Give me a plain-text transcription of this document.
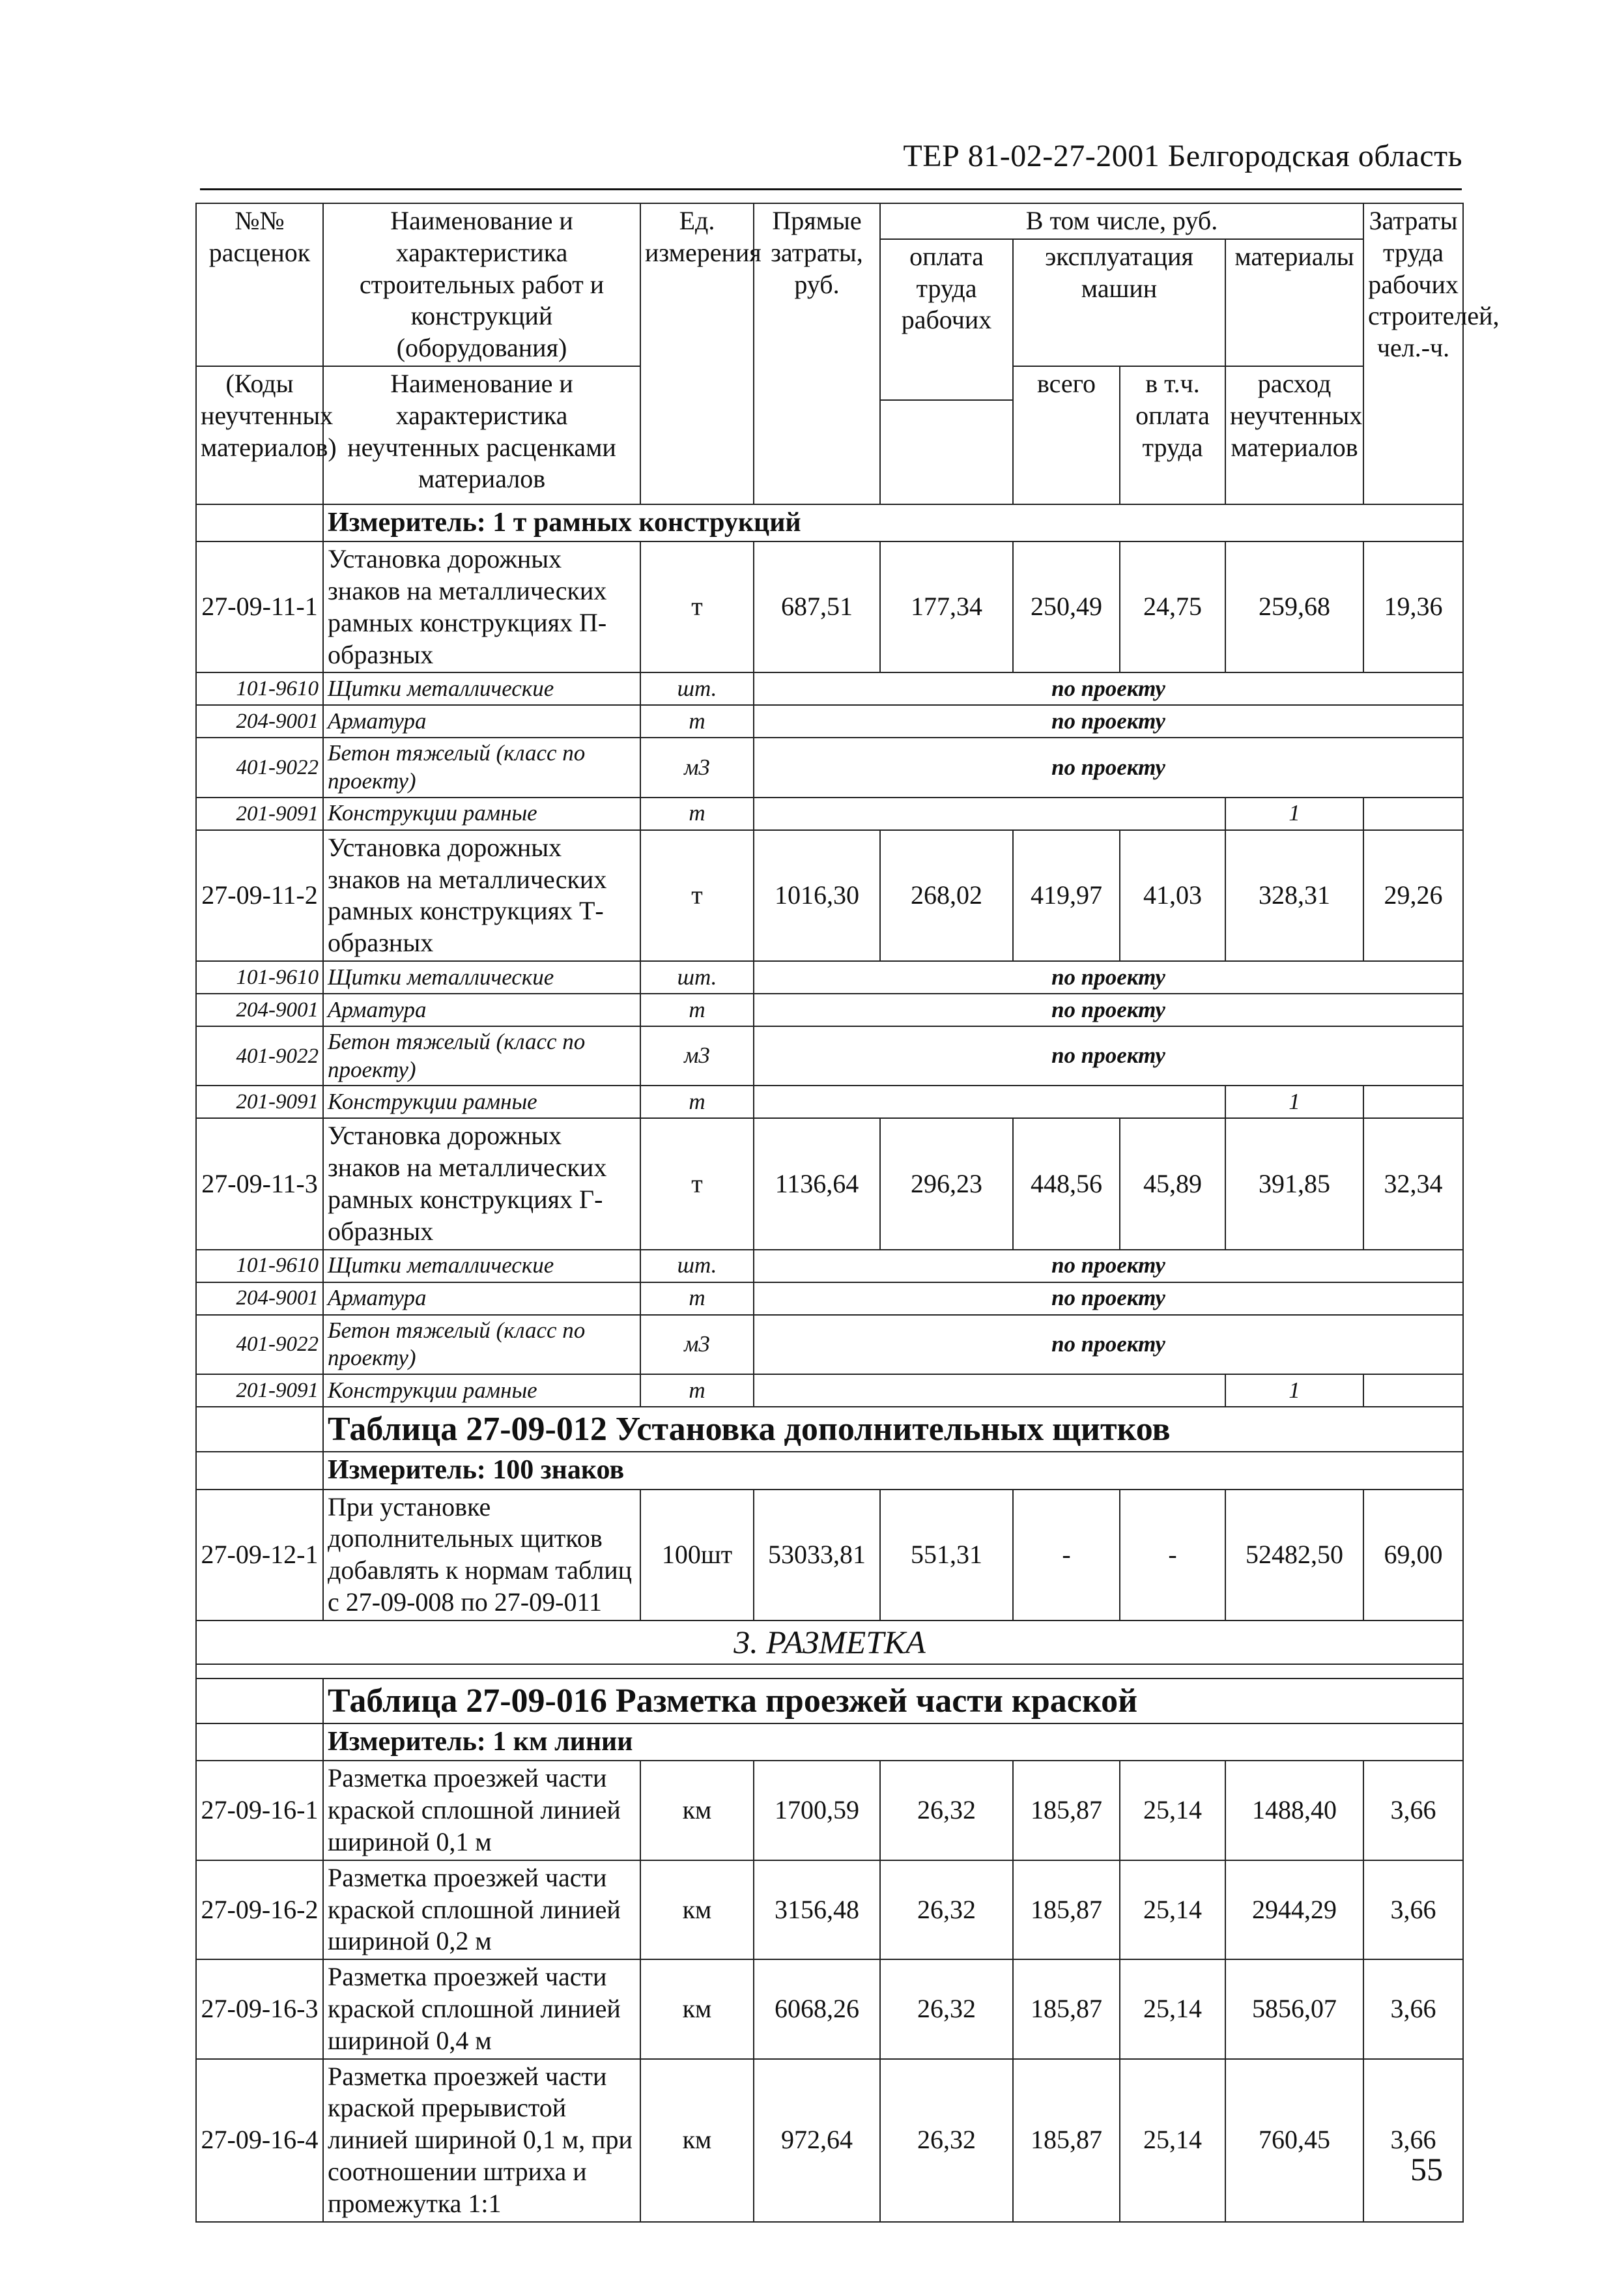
ТЕР 81-02-27-2001 Белгородская область
№№ расценок	Наименование и характеристика строительных работ и конструкций (оборудования)	Ед. измерения	Прямые затраты, руб.	В том числе, руб.				Затраты труда рабочих строителей, чел.-ч.
				оплата труда рабочих	эксплуатация машин		материалы	

(Коды неучтенных материалов)	Наименование и характеристика неучтенных расценками материалов				всего	в т.ч. оплата труда	расход неучтенных материалов	

	Измеритель: 1 т рамных конструкций							
27-09-11-1	Установка дорожных знаков на металлических рамных конструкциях П-образных	т	687,51	177,34	250,49	24,75	259,68	19,36
101-9610	Щитки металлические	шт.	по проекту					
204-9001	Арматура	т	по проекту					
401-9022	Бетон тяжелый (класс по проекту)	м3	по проекту					
201-9091	Конструкции рамные	т					1	
27-09-11-2	Установка дорожных знаков на металлических рамных конструкциях Т-образных	т	1016,30	268,02	419,97	41,03	328,31	29,26
101-9610	Щитки металлические	шт.	по проекту					
204-9001	Арматура	т	по проекту					
401-9022	Бетон тяжелый (класс по проекту)	м3	по проекту					
201-9091	Конструкции рамные	т					1	
27-09-11-3	Установка дорожных знаков на металлических рамных конструкциях Г-образных	т	1136,64	296,23	448,56	45,89	391,85	32,34
101-9610	Щитки металлические	шт.	по проекту					
204-9001	Арматура	т	по проекту					
401-9022	Бетон тяжелый (класс по проекту)	м3	по проекту					
201-9091	Конструкции рамные	т					1	
	Таблица 27-09-012 Установка дополнительных щитков							
	Измеритель: 100 знаков							
27-09-12-1	При установке дополнительных щитков добавлять к нормам таблиц с 27-09-008 по 27-09-011	100шт	53033,81	551,31	-	-	52482,50	69,00
3. РАЗМЕТКА								

	Таблица 27-09-016 Разметка проезжей части краской							
	Измеритель: 1 км линии							
27-09-16-1	Разметка проезжей части краской сплошной линией шириной 0,1 м	км	1700,59	26,32	185,87	25,14	1488,40	3,66
27-09-16-2	Разметка проезжей части краской сплошной линией шириной 0,2 м	км	3156,48	26,32	185,87	25,14	2944,29	3,66
27-09-16-3	Разметка проезжей части краской сплошной линией шириной 0,4 м	км	6068,26	26,32	185,87	25,14	5856,07	3,66
27-09-16-4	Разметка проезжей части краской прерывистой линией шириной 0,1 м, при соотношении штриха и промежутка 1:1	км	972,64	26,32	185,87	25,14	760,45	3,66
55
